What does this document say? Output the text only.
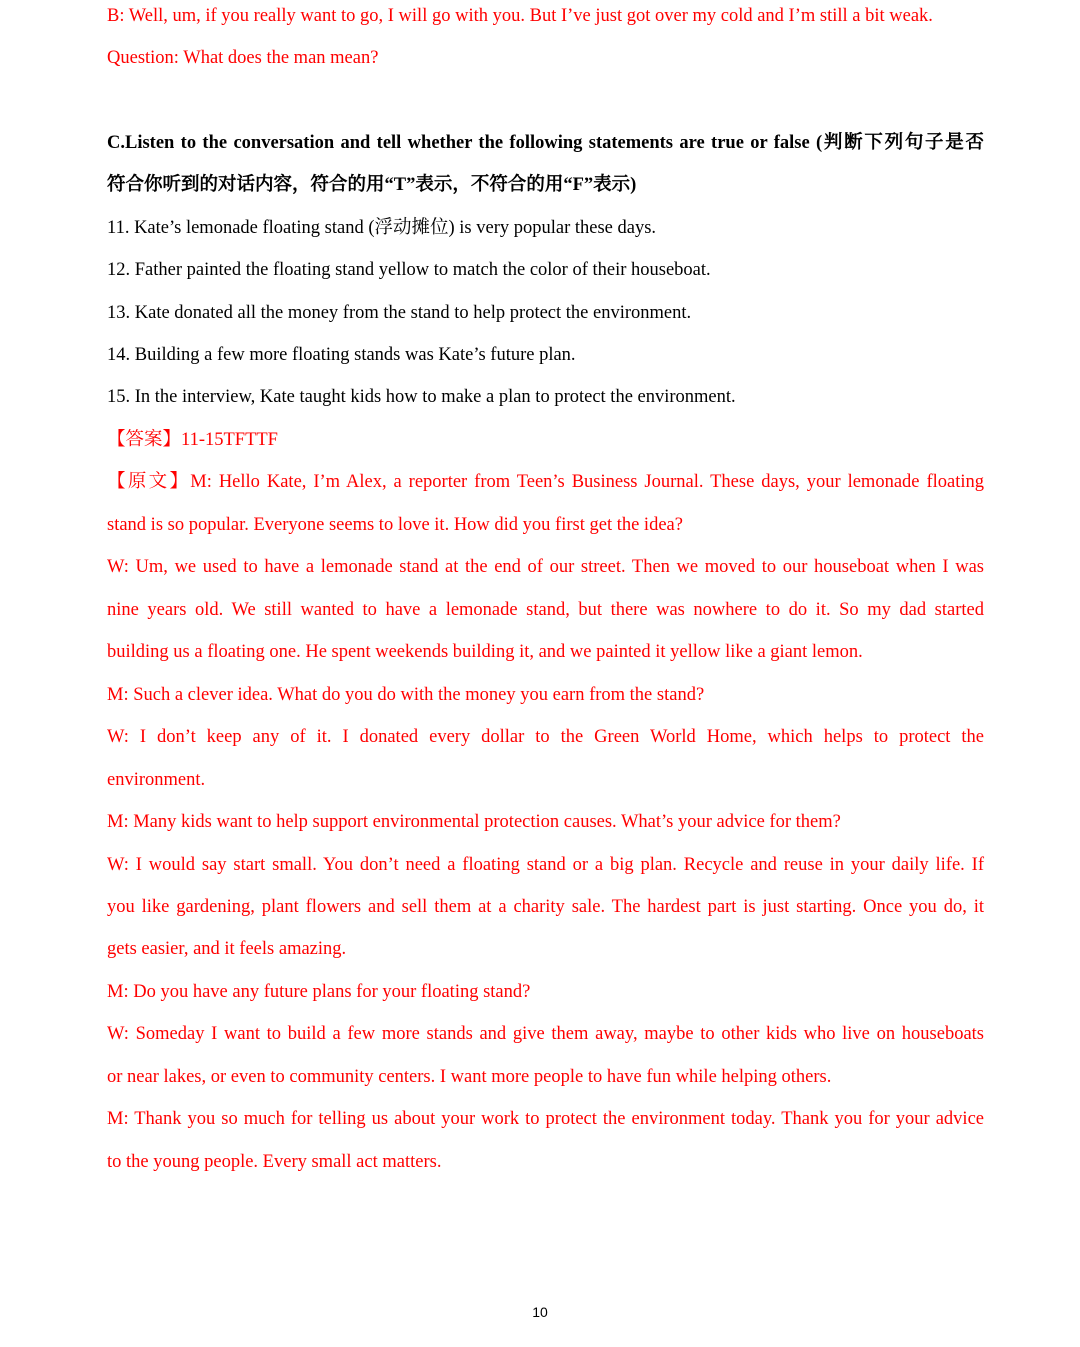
B: Well, um, if you really want to go, I will go with you. But I’ve just got over my cold and I’m still a bit weak.
Question: What does the man mean?
C.Listen to the conversation and tell whether the following statements are true or false (判断下列句子是否
符合你听到的对话内容，符合的用“T”表示，不符合的用“F”表示)
11. Kate’s lemonade floating stand (浮动摊位) is very popular these days.
12. Father painted the floating stand yellow to match the color of their houseboat.
13. Kate donated all the money from the stand to help protect the environment.
14. Building a few more floating stands was Kate’s future plan.
15. In the interview, Kate taught kids how to make a plan to protect the environment.
【答案】11-15TFTTF
【原文】M: Hello Kate, I’m Alex, a reporter from Teen’s Business Journal. These days, your lemonade floating
stand is so popular. Everyone seems to love it. How did you first get the idea?
W: Um, we used to have a lemonade stand at the end of our street. Then we moved to our houseboat when I was
nine years old. We still wanted to have a lemonade stand, but there was nowhere to do it. So my dad started
building us a floating one. He spent weekends building it, and we painted it yellow like a giant lemon.
M: Such a clever idea. What do you do with the money you earn from the stand?
W: I don’t keep any of it. I donated every dollar to the Green World Home, which helps to protect the
environment.
M: Many kids want to help support environmental protection causes. What’s your advice for them?
W: I would say start small. You don’t need a floating stand or a big plan. Recycle and reuse in your daily life. If
you like gardening, plant flowers and sell them at a charity sale. The hardest part is just starting. Once you do, it
gets easier, and it feels amazing.
M: Do you have any future plans for your floating stand?
W: Someday I want to build a few more stands and give them away, maybe to other kids who live on houseboats
or near lakes, or even to community centers. I want more people to have fun while helping others.
M: Thank you so much for telling us about your work to protect the environment today. Thank you for your advice
to the young people. Every small act matters.
10
